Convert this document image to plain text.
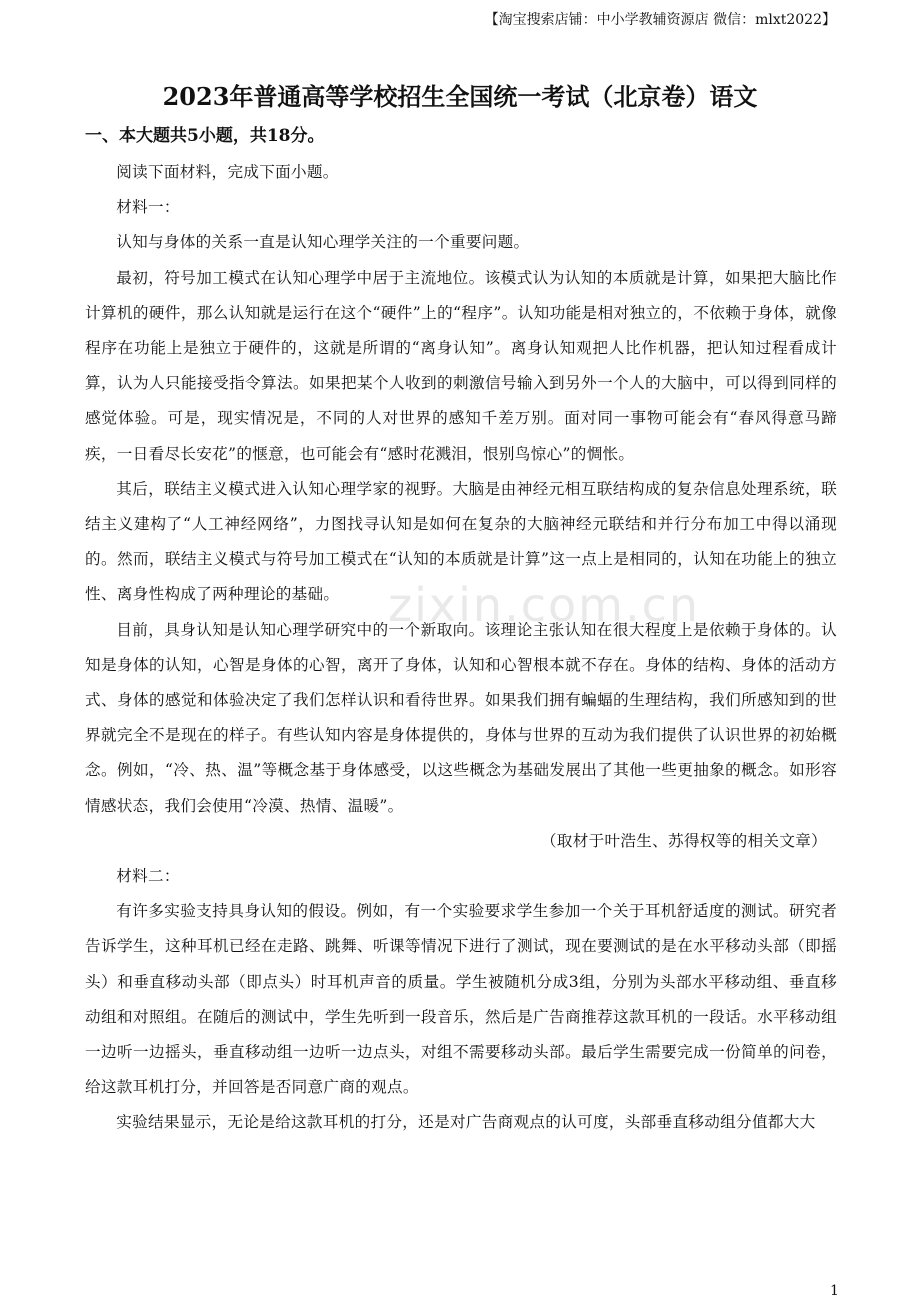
【淘宝搜索店铺：中小学教辅资源店 微信：mlxt2022】
2023年普通高等学校招生全国统一考试（北京卷）语文
一、本大题共5小题，共18分。
zixin.com.cn

阅读下面材料，完成下面小题。

材料一：

认知与身体的关系一直是认知心理学关注的一个重要问题。

最初，符号加工模式在认知心理学中居于主流地位。该模式认为认知的本质就是计算，如果把大脑比作计算机的硬件，那么认知就是运行在这个“硬件”上的“程序”。认知功能是相对独立的，不依赖于身体，就像程序在功能上是独立于硬件的，这就是所谓的“离身认知”。离身认知观把人比作机器，把认知过程看成计算，认为人只能接受指令算法。如果把某个人收到的刺激信号输入到另外一个人的大脑中，可以得到同样的感觉体验。可是，现实情况是，不同的人对世界的感知千差万别。面对同一事物可能会有“春风得意马蹄疾，一日看尽长安花”的惬意，也可能会有“感时花溅泪，恨别鸟惊心”的惆怅。

其后，联结主义模式进入认知心理学家的视野。大脑是由神经元相互联结构成的复杂信息处理系统，联结主义建构了“人工神经网络”，力图找寻认知是如何在复杂的大脑神经元联结和并行分布加工中得以涌现的。然而，联结主义模式与符号加工模式在“认知的本质就是计算”这一点上是相同的，认知在功能上的独立性、离身性构成了两种理论的基础。

目前，具身认知是认知心理学研究中的一个新取向。该理论主张认知在很大程度上是依赖于身体的。认知是身体的认知，心智是身体的心智，离开了身体，认知和心智根本就不存在。身体的结构、身体的活动方式、身体的感觉和体验决定了我们怎样认识和看待世界。如果我们拥有蝙蝠的生理结构，我们所感知到的世界就完全不是现在的样子。有些认知内容是身体提供的，身体与世界的互动为我们提供了认识世界的初始概念。例如，“冷、热、温”等概念基于身体感受，以这些概念为基础发展出了其他一些更抽象的概念。如形容情感状态，我们会使用“冷漠、热情、温暖”。

（取材于叶浩生、苏得权等的相关文章）

材料二：

有许多实验支持具身认知的假设。例如，有一个实验要求学生参加一个关于耳机舒适度的测试。研究者告诉学生，这种耳机已经在走路、跳舞、听课等情况下进行了测试，现在要测试的是在水平移动头部（即摇头）和垂直移动头部（即点头）时耳机声音的质量。学生被随机分成3组，分别为头部水平移动组、垂直移动组和对照组。在随后的测试中，学生先听到一段音乐，然后是广告商推荐这款耳机的一段话。水平移动组一边听一边摇头，垂直移动组一边听一边点头，对组不需要移动头部。最后学生需要完成一份简单的问卷，给这款耳机打分，并回答是否同意广商的观点。

实验结果显示，无论是给这款耳机的打分，还是对广告商观点的认可度，头部垂直移动组分值都大大

1
